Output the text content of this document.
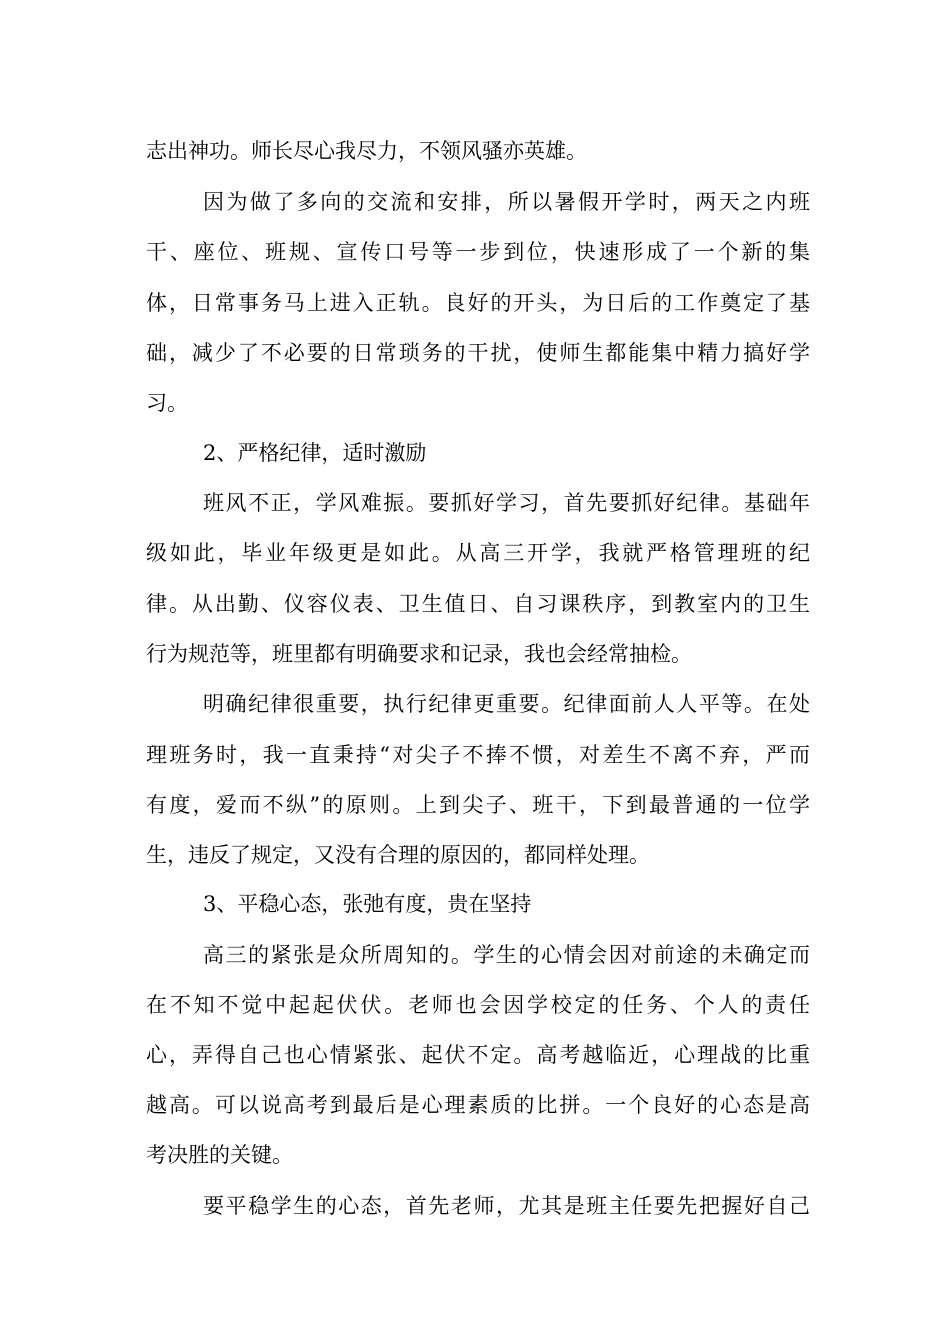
志出神功。师长尽心我尽力，不领风骚亦英雄。
因为做了多向的交流和安排，所以暑假开学时，两天之内班
干、座位、班规、宣传口号等一步到位，快速形成了一个新的集
体，日常事务马上进入正轨。良好的开头，为日后的工作奠定了基
础，减少了不必要的日常琐务的干扰，使师生都能集中精力搞好学
习。
2、严格纪律，适时激励
班风不正，学风难振。要抓好学习，首先要抓好纪律。基础年
级如此，毕业年级更是如此。从高三开学，我就严格管理班的纪
律。从出勤、仪容仪表、卫生值日、自习课秩序，到教室内的卫生
行为规范等，班里都有明确要求和记录，我也会经常抽检。
明确纪律很重要，执行纪律更重要。纪律面前人人平等。在处
理班务时，我一直秉持“对尖子不捧不惯，对差生不离不弃，严而
有度，爱而不纵”的原则。上到尖子、班干，下到最普通的一位学
生，违反了规定，又没有合理的原因的，都同样处理。
3、平稳心态，张弛有度，贵在坚持
高三的紧张是众所周知的。学生的心情会因对前途的未确定而
在不知不觉中起起伏伏。老师也会因学校定的任务、个人的责任
心，弄得自己也心情紧张、起伏不定。高考越临近，心理战的比重
越高。可以说高考到最后是心理素质的比拼。一个良好的心态是高
考决胜的关键。
要平稳学生的心态，首先老师，尤其是班主任要先把握好自己
